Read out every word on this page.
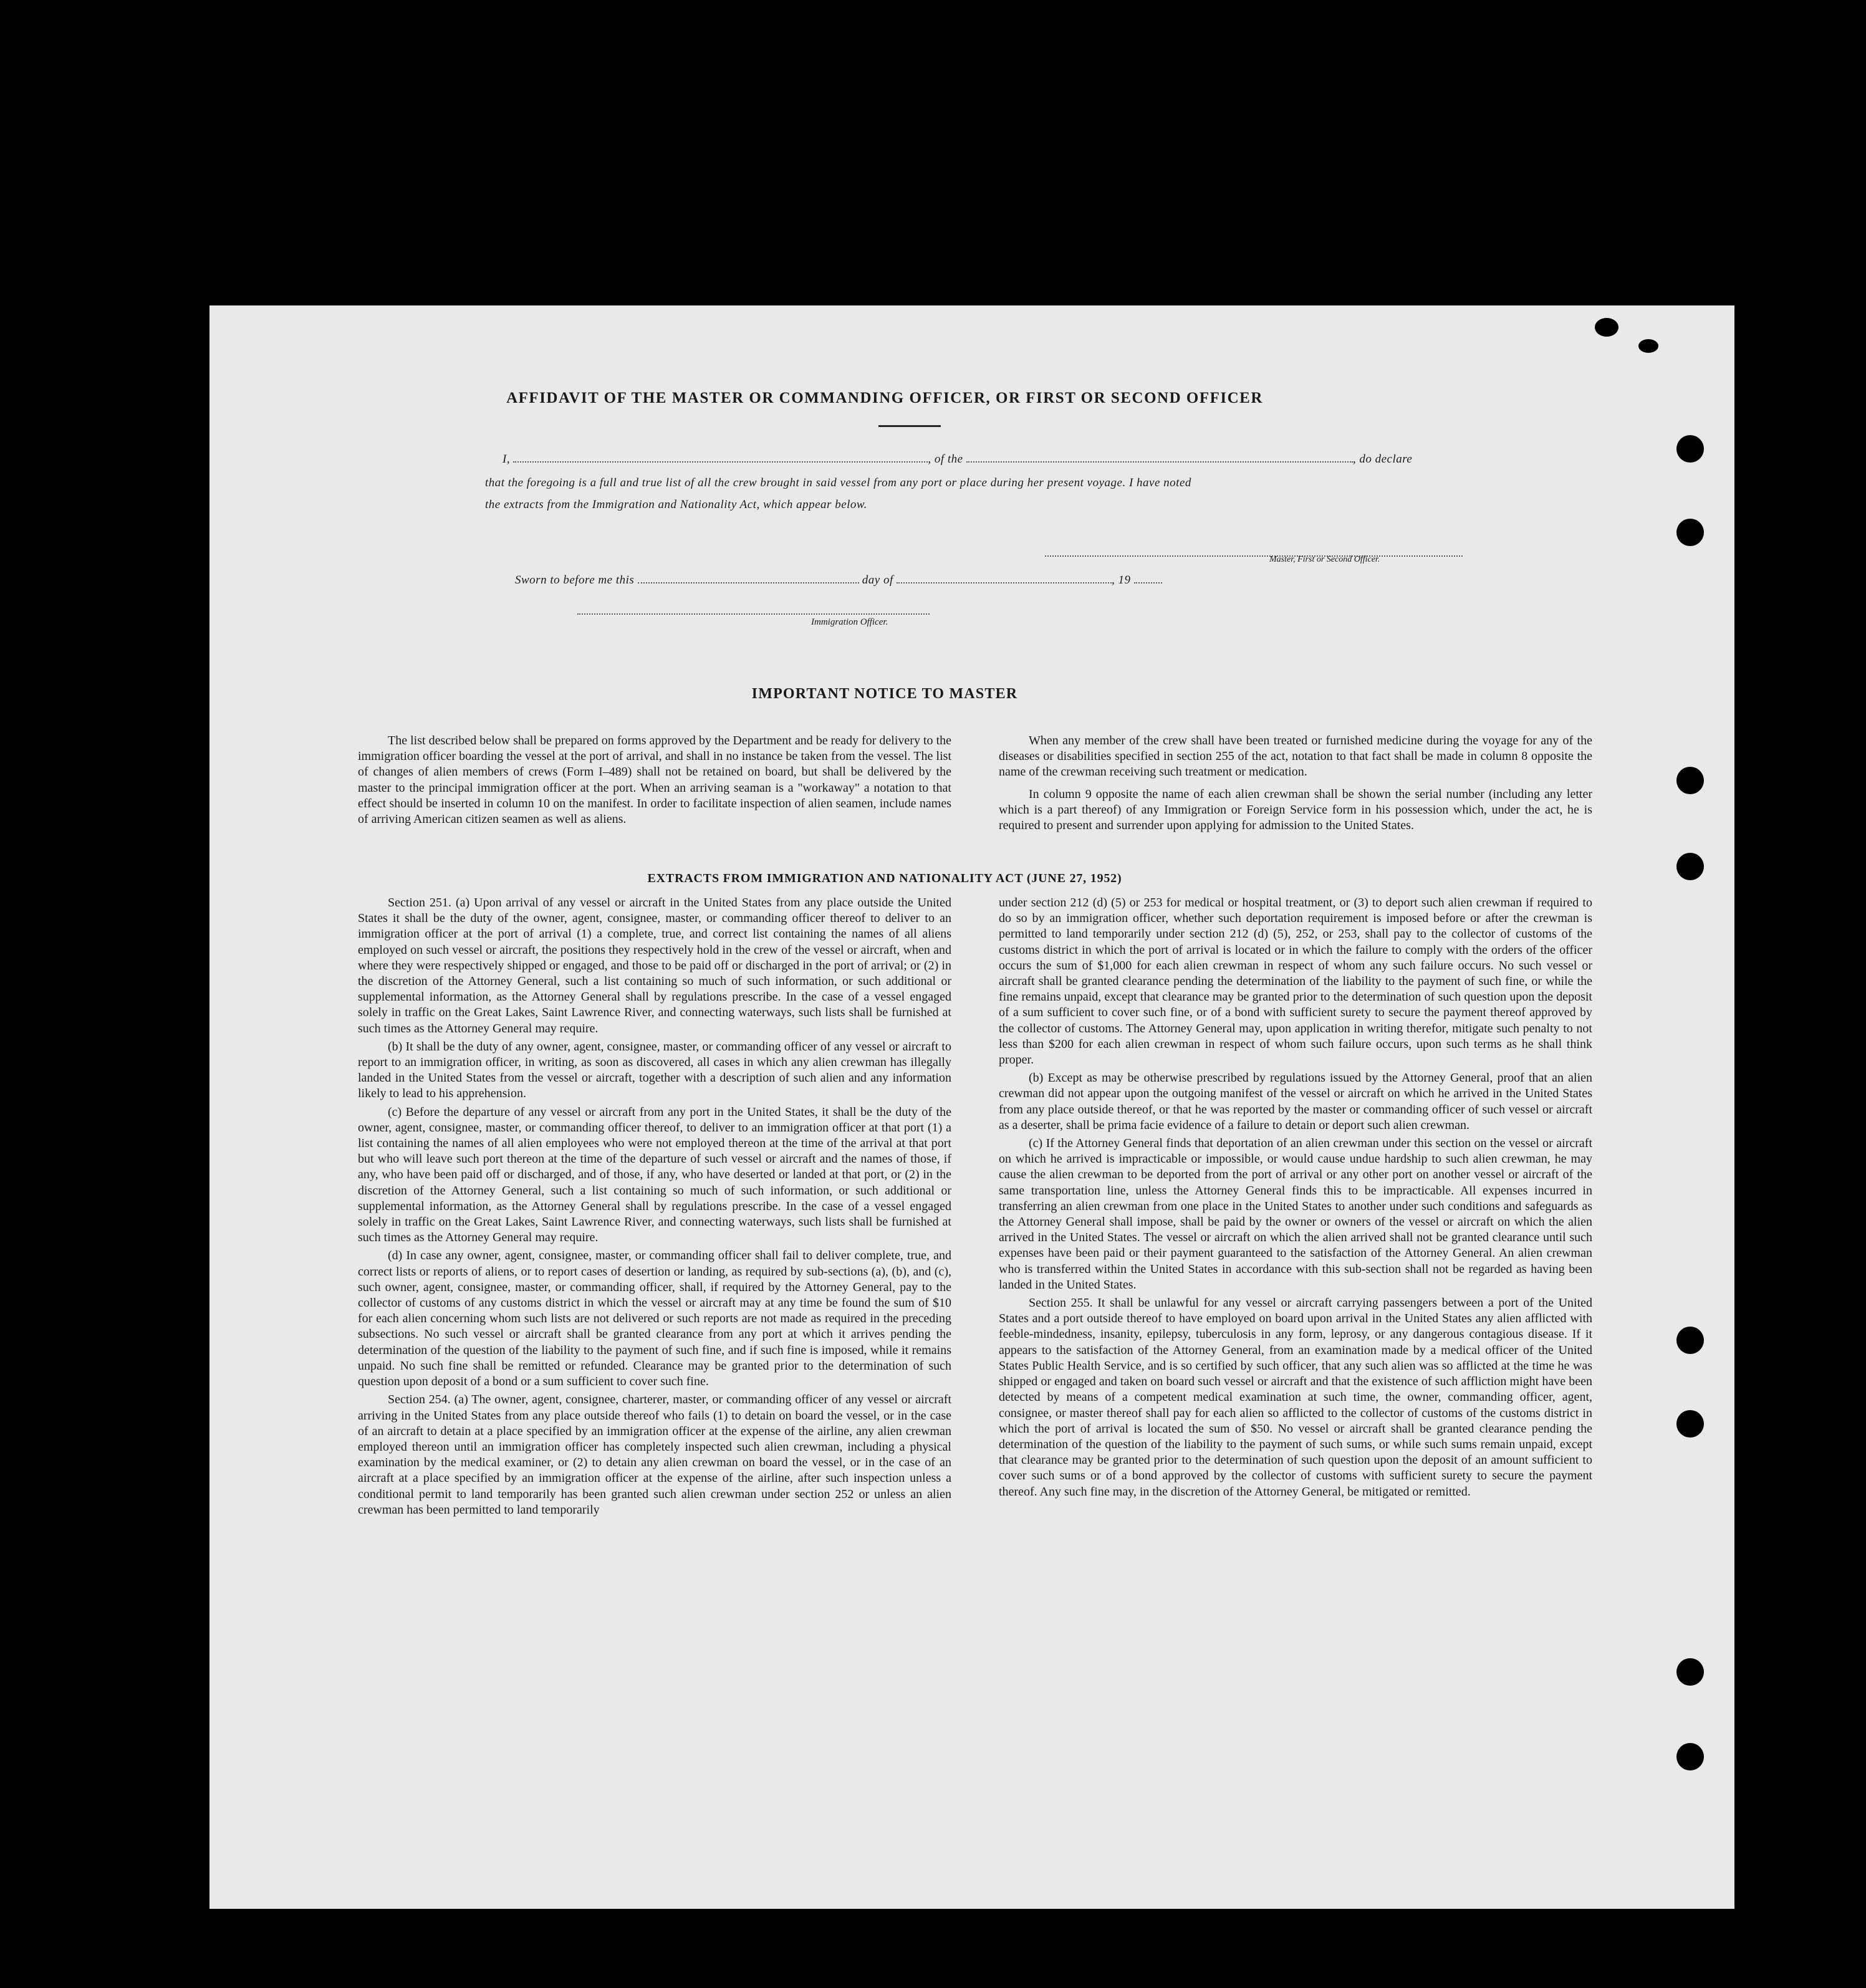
AFFIDAVIT OF THE MASTER OR COMMANDING OFFICER, OR FIRST OR SECOND OFFICER
I,	, of the	, do declare
that the foregoing is a full and true list of all the crew brought in said vessel from any port or place during her present voyage. I have noted
the extracts from the Immigration and Nationality Act, which appear below.
Master, First or Second Officer.
Sworn to before me this	day of	, 19
Immigration Officer.
IMPORTANT NOTICE TO MASTER

The list described below shall be prepared on forms approved by the Department and be ready for delivery to the immigration officer boarding the vessel at the port of arrival, and shall in no instance be taken from the vessel. The list of changes of alien members of crews (Form I–489) shall not be retained on board, but shall be delivered by the master to the principal immigration officer at the port. When an arriving seaman is a "workaway" a notation to that effect should be inserted in column 10 on the manifest. In order to facilitate inspection of alien seamen, include names of arriving American citizen seamen as well as aliens.

When any member of the crew shall have been treated or furnished medicine during the voyage for any of the diseases or disabilities specified in section 255 of the act, notation to that fact shall be made in column 8 opposite the name of the crewman receiving such treatment or medication.

In column 9 opposite the name of each alien crewman shall be shown the serial number (including any letter which is a part thereof) of any Immigration or Foreign Service form in his possession which, under the act, he is required to present and surrender upon applying for admission to the United States.

EXTRACTS FROM IMMIGRATION AND NATIONALITY ACT (JUNE 27, 1952)

Section 251. (a) Upon arrival of any vessel or aircraft in the United States from any place outside the United States it shall be the duty of the owner, agent, consignee, master, or commanding officer thereof to deliver to an immigration officer at the port of arrival (1) a complete, true, and correct list containing the names of all aliens employed on such vessel or aircraft, the positions they respectively hold in the crew of the vessel or aircraft, when and where they were respectively shipped or engaged, and those to be paid off or discharged in the port of arrival; or (2) in the discretion of the Attorney General, such a list containing so much of such information, or such additional or supplemental information, as the Attorney General shall by regulations prescribe. In the case of a vessel engaged solely in traffic on the Great Lakes, Saint Lawrence River, and connecting waterways, such lists shall be furnished at such times as the Attorney General may require.

(b) It shall be the duty of any owner, agent, consignee, master, or commanding officer of any vessel or aircraft to report to an immigration officer, in writing, as soon as discovered, all cases in which any alien crewman has illegally landed in the United States from the vessel or aircraft, together with a description of such alien and any information likely to lead to his apprehension.

(c) Before the departure of any vessel or aircraft from any port in the United States, it shall be the duty of the owner, agent, consignee, master, or commanding officer thereof, to deliver to an immigration officer at that port (1) a list containing the names of all alien employees who were not employed thereon at the time of the arrival at that port but who will leave such port thereon at the time of the departure of such vessel or aircraft and the names of those, if any, who have been paid off or discharged, and of those, if any, who have deserted or landed at that port, or (2) in the discretion of the Attorney General, such a list containing so much of such information, or such additional or supplemental information, as the Attorney General shall by regulations prescribe. In the case of a vessel engaged solely in traffic on the Great Lakes, Saint Lawrence River, and connecting waterways, such lists shall be furnished at such times as the Attorney General may require.

(d) In case any owner, agent, consignee, master, or commanding officer shall fail to deliver complete, true, and correct lists or reports of aliens, or to report cases of desertion or landing, as required by sub-sections (a), (b), and (c), such owner, agent, consignee, master, or commanding officer, shall, if required by the Attorney General, pay to the collector of customs of any customs district in which the vessel or aircraft may at any time be found the sum of $10 for each alien concerning whom such lists are not delivered or such reports are not made as required in the preceding subsections. No such vessel or aircraft shall be granted clearance from any port at which it arrives pending the determination of the question of the liability to the payment of such fine, and if such fine is imposed, while it remains unpaid. No such fine shall be remitted or refunded. Clearance may be granted prior to the determination of such question upon deposit of a bond or a sum sufficient to cover such fine.

Section 254. (a) The owner, agent, consignee, charterer, master, or commanding officer of any vessel or aircraft arriving in the United States from any place outside thereof who fails (1) to detain on board the vessel, or in the case of an aircraft to detain at a place specified by an immigration officer at the expense of the airline, any alien crewman employed thereon until an immigration officer has completely inspected such alien crewman, including a physical examination by the medical examiner, or (2) to detain any alien crewman on board the vessel, or in the case of an aircraft at a place specified by an immigration officer at the expense of the airline, after such inspection unless a conditional permit to land temporarily has been granted such alien crewman under section 252 or unless an alien crewman has been permitted to land temporarily

under section 212 (d) (5) or 253 for medical or hospital treatment, or (3) to deport such alien crewman if required to do so by an immigration officer, whether such deportation requirement is imposed before or after the crewman is permitted to land temporarily under section 212 (d) (5), 252, or 253, shall pay to the collector of customs of the customs district in which the port of arrival is located or in which the failure to comply with the orders of the officer occurs the sum of $1,000 for each alien crewman in respect of whom any such failure occurs. No such vessel or aircraft shall be granted clearance pending the determination of the liability to the payment of such fine, or while the fine remains unpaid, except that clearance may be granted prior to the determination of such question upon the deposit of a sum sufficient to cover such fine, or of a bond with sufficient surety to secure the payment thereof approved by the collector of customs. The Attorney General may, upon application in writing therefor, mitigate such penalty to not less than $200 for each alien crewman in respect of whom such failure occurs, upon such terms as he shall think proper.

(b) Except as may be otherwise prescribed by regulations issued by the Attorney General, proof that an alien crewman did not appear upon the outgoing manifest of the vessel or aircraft on which he arrived in the United States from any place outside thereof, or that he was reported by the master or commanding officer of such vessel or aircraft as a deserter, shall be prima facie evidence of a failure to detain or deport such alien crewman.

(c) If the Attorney General finds that deportation of an alien crewman under this section on the vessel or aircraft on which he arrived is impracticable or impossible, or would cause undue hardship to such alien crewman, he may cause the alien crewman to be deported from the port of arrival or any other port on another vessel or aircraft of the same transportation line, unless the Attorney General finds this to be impracticable. All expenses incurred in transferring an alien crewman from one place in the United States to another under such conditions and safeguards as the Attorney General shall impose, shall be paid by the owner or owners of the vessel or aircraft on which the alien arrived in the United States. The vessel or aircraft on which the alien arrived shall not be granted clearance until such expenses have been paid or their payment guaranteed to the satisfaction of the Attorney General. An alien crewman who is transferred within the United States in accordance with this sub-section shall not be regarded as having been landed in the United States.

Section 255. It shall be unlawful for any vessel or aircraft carrying passengers between a port of the United States and a port outside thereof to have employed on board upon arrival in the United States any alien afflicted with feeble-mindedness, insanity, epilepsy, tuberculosis in any form, leprosy, or any dangerous contagious disease. If it appears to the satisfaction of the Attorney General, from an examination made by a medical officer of the United States Public Health Service, and is so certified by such officer, that any such alien was so afflicted at the time he was shipped or engaged and taken on board such vessel or aircraft and that the existence of such affliction might have been detected by means of a competent medical examination at such time, the owner, commanding officer, agent, consignee, or master thereof shall pay for each alien so afflicted to the collector of customs of the customs district in which the port of arrival is located the sum of $50. No vessel or aircraft shall be granted clearance pending the determination of the question of the liability to the payment of such sums, or while such sums remain unpaid, except that clearance may be granted prior to the determination of such question upon the deposit of an amount sufficient to cover such sums or of a bond approved by the collector of customs with sufficient surety to secure the payment thereof. Any such fine may, in the discretion of the Attorney General, be mitigated or remitted.
